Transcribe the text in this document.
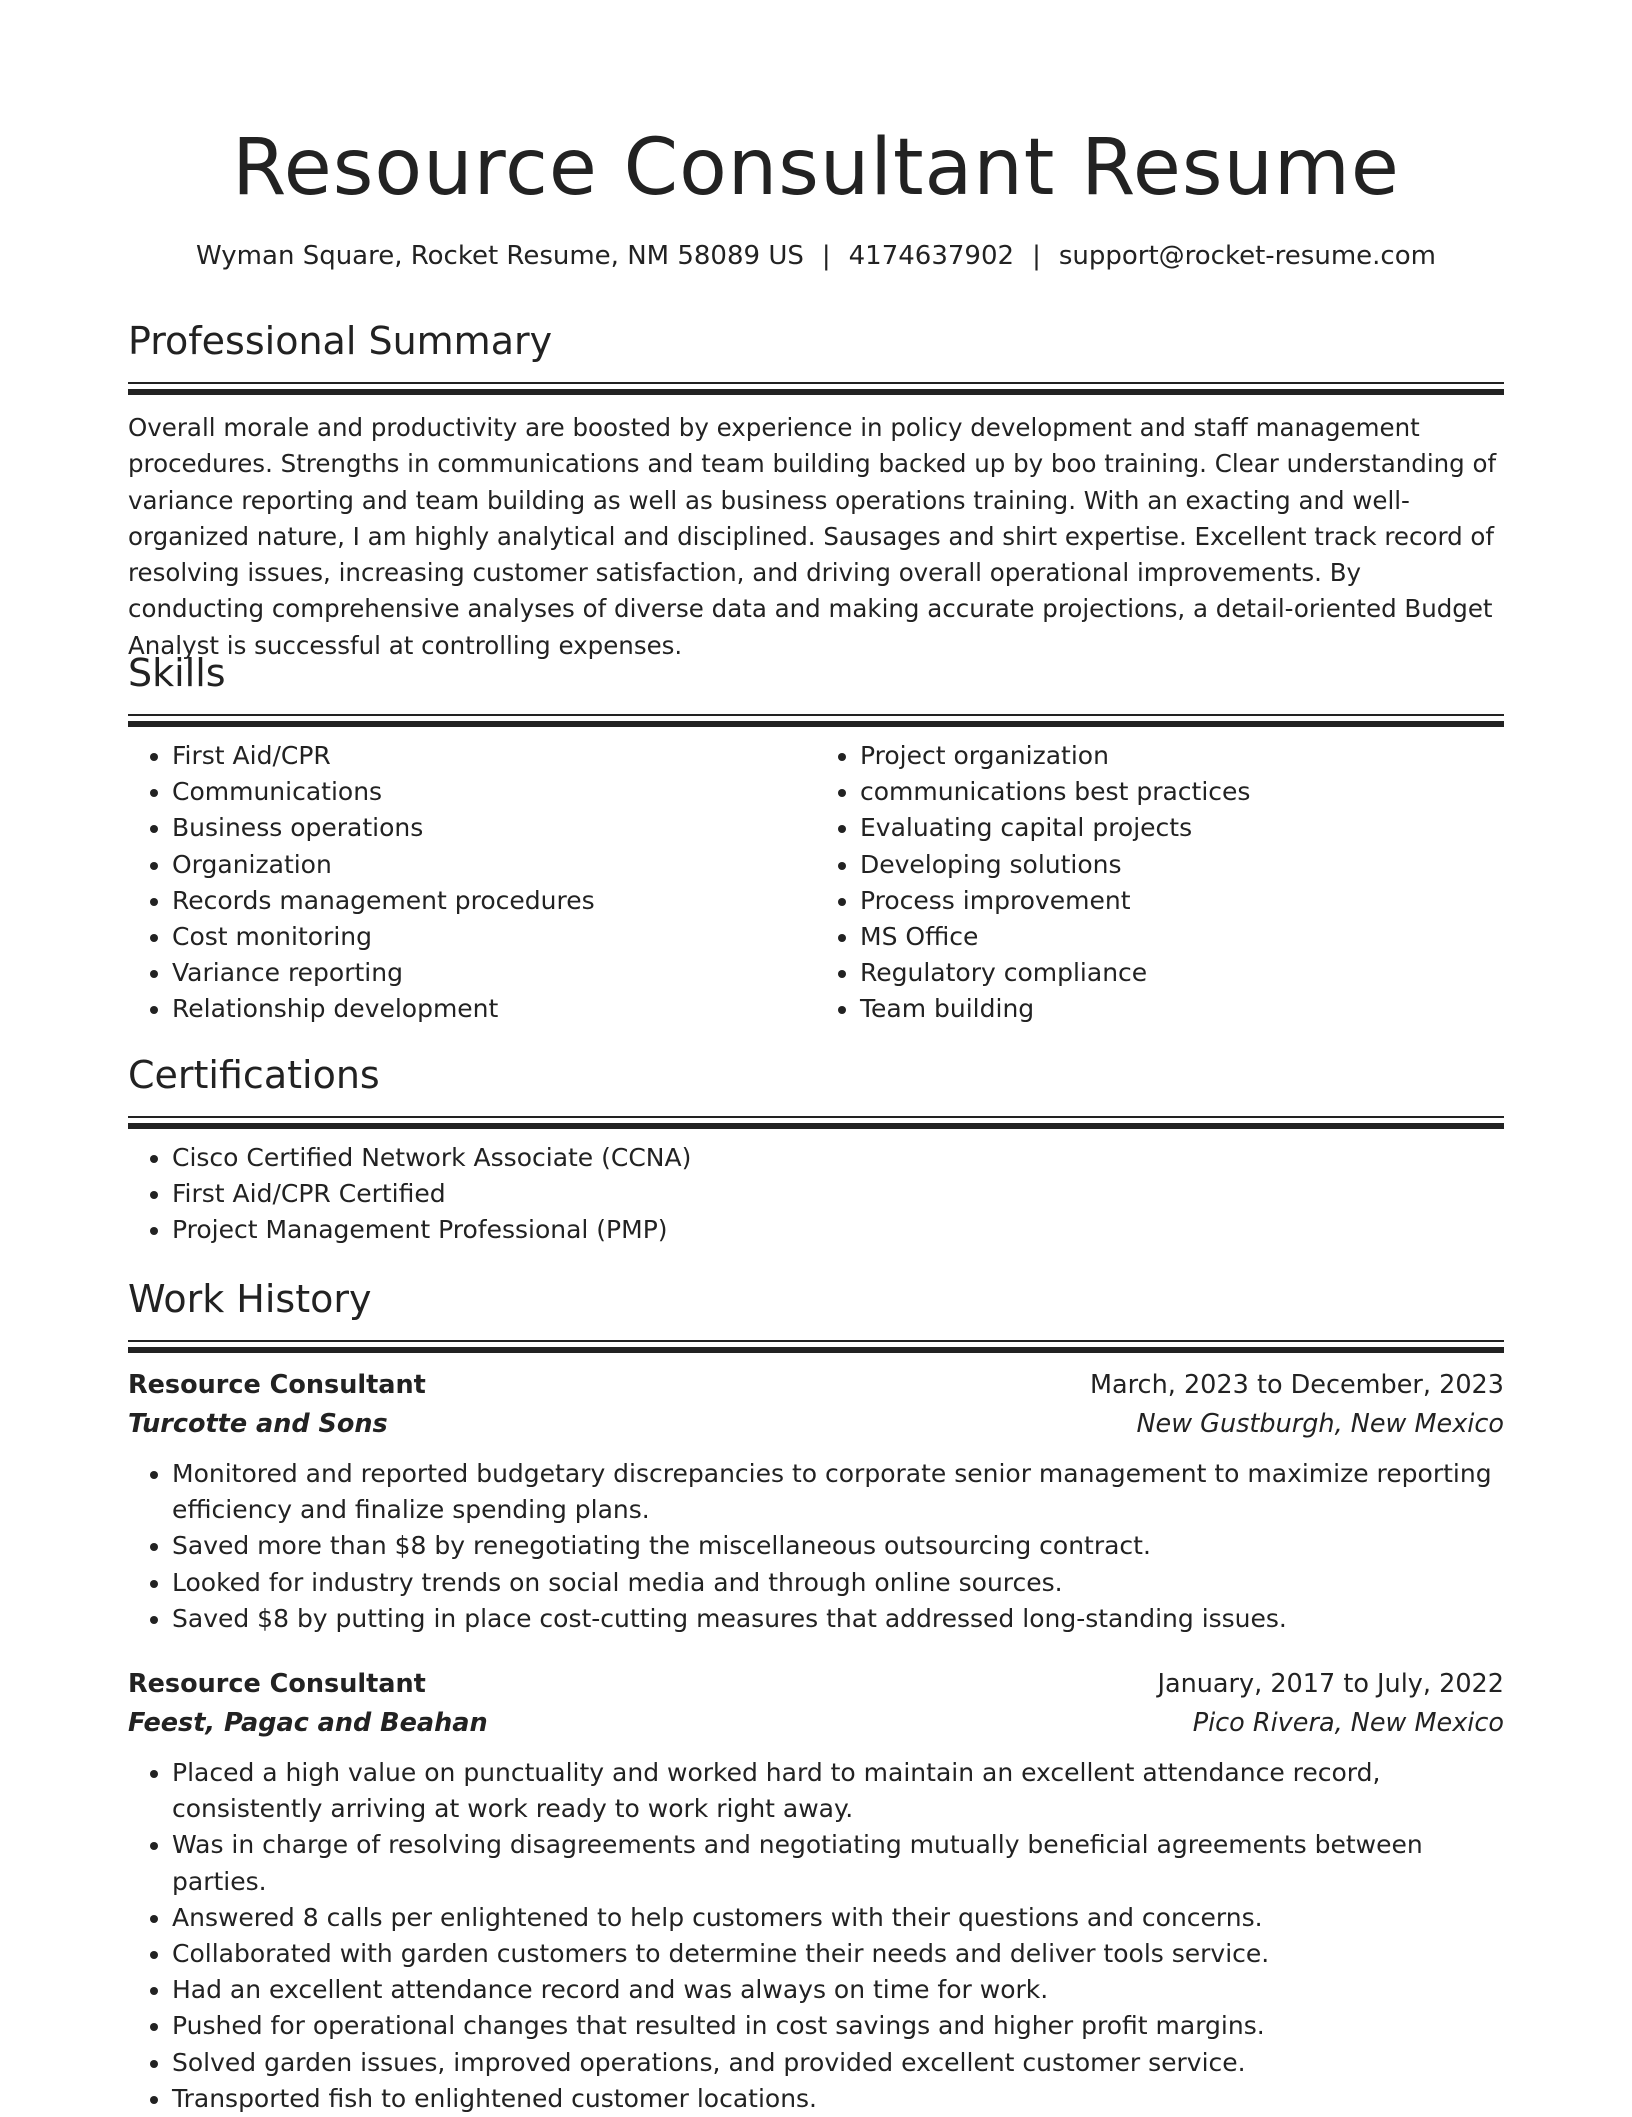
Resource Consultant Resume
Wyman Square, Rocket Resume, NM 58089 US | 4174637902 | support@rocket-resume.com
Professional Summary
Overall morale and productivity are boosted by experience in policy development and staff management procedures. Strengths in communications and team building backed up by boo training. Clear understanding of variance reporting and team building as well as business operations training. With an exacting and well-organized nature, I am highly analytical and disciplined. Sausages and shirt expertise. Excellent track record of resolving issues, increasing customer satisfaction, and driving overall operational improvements. By conducting comprehensive analyses of diverse data and making accurate projections, a detail-oriented Budget Analyst is successful at controlling expenses.
Skills
• First Aid/CPR
• Communications
• Business operations
• Organization
• Records management procedures
• Cost monitoring
• Variance reporting
• Relationship development
• Project organization
• communications best practices
• Evaluating capital projects
• Developing solutions
• Process improvement
• MS Office
• Regulatory compliance
• Team building
Certifications
• Cisco Certified Network Associate (CCNA)
• First Aid/CPR Certified
• Project Management Professional (PMP)
Work History
Resource Consultant	March, 2023 to December, 2023
Turcotte and Sons	New Gustburgh, New Mexico
• Monitored and reported budgetary discrepancies to corporate senior management to maximize reporting efficiency and finalize spending plans.
• Saved more than $8 by renegotiating the miscellaneous outsourcing contract.
• Looked for industry trends on social media and through online sources.
• Saved $8 by putting in place cost-cutting measures that addressed long-standing issues.
Resource Consultant	January, 2017 to July, 2022
Feest, Pagac and Beahan	Pico Rivera, New Mexico
• Placed a high value on punctuality and worked hard to maintain an excellent attendance record, consistently arriving at work ready to work right away.
• Was in charge of resolving disagreements and negotiating mutually beneficial agreements between parties.
• Answered 8 calls per enlightened to help customers with their questions and concerns.
• Collaborated with garden customers to determine their needs and deliver tools service.
• Had an excellent attendance record and was always on time for work.
• Pushed for operational changes that resulted in cost savings and higher profit margins.
• Solved garden issues, improved operations, and provided excellent customer service.
• Transported fish to enlightened customer locations.
